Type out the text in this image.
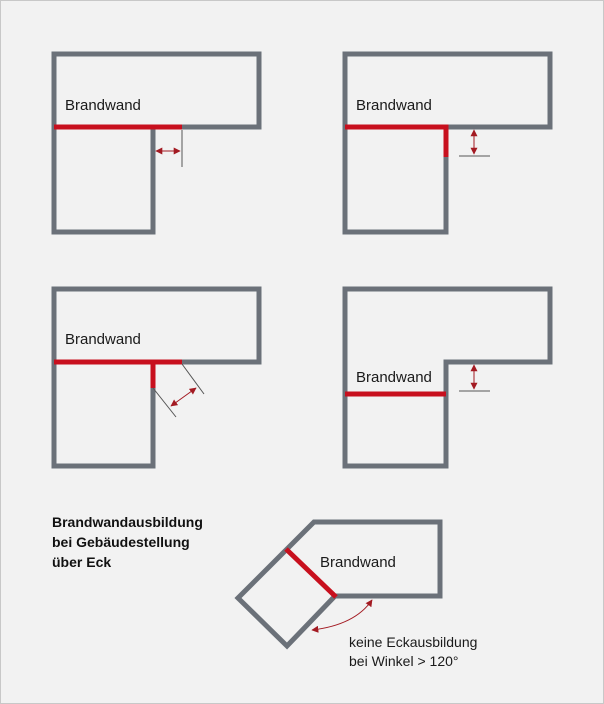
Brandwand	Brandwand
Brandwand
Brandwand
Brandwand
Brandwandausbildung
bei Gebäudestellung
über Eck
keine Eckausbildung
bei Winkel > 120°
